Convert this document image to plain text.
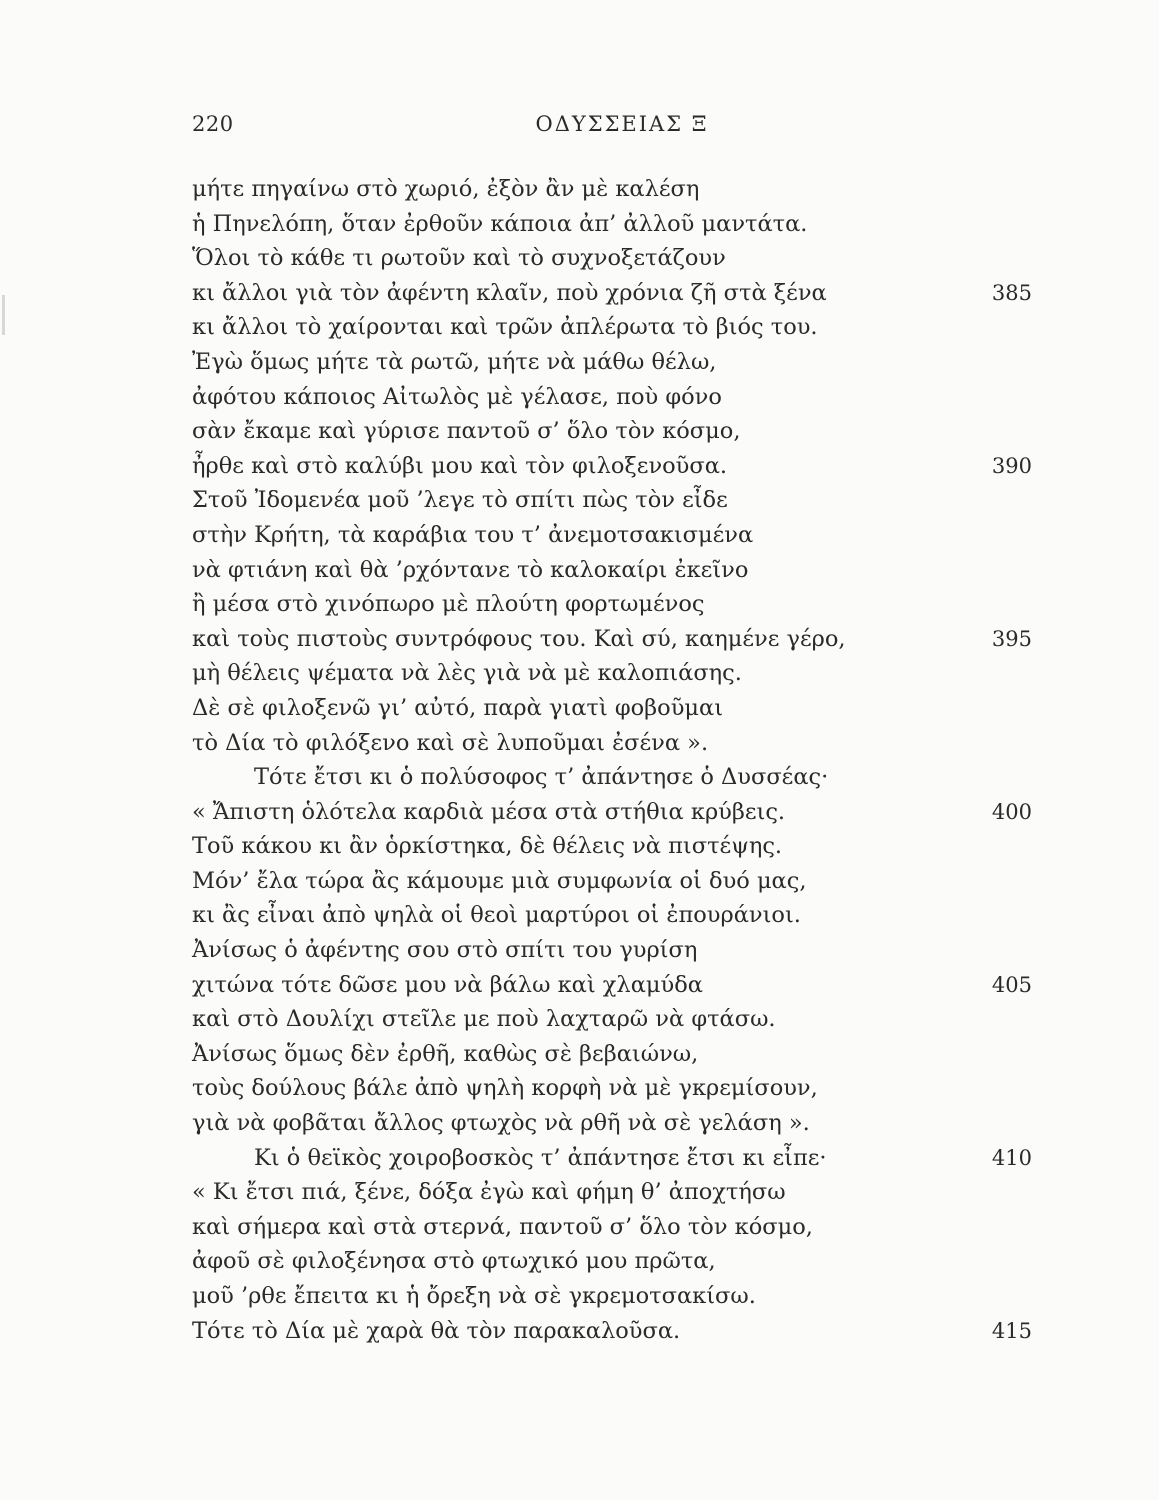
220	ΟΔΥΣΣΕΙΑΣ Ξ
μήτε πηγαίνω στὸ χωριό, ἐξὸν ἂν μὲ καλέση
ἡ Πηνελόπη, ὅταν ἐρθοῦν κάποια ἀπ’ ἀλλοῦ μαντάτα.
Ὅλοι τὸ κάθε τι ρωτοῦν καὶ τὸ συχνοξετάζουν
κι ἄλλοι γιὰ τὸν ἀφέντη κλαῖν, ποὺ χρόνια ζῆ στὰ ξένα	385
κι ἄλλοι τὸ χαίρονται καὶ τρῶν ἀπλέρωτα τὸ βιός του.
Ἐγὼ ὅμως μήτε τὰ ρωτῶ, μήτε νὰ μάθω θέλω,
ἀφότου κάποιος Αἰτωλὸς μὲ γέλασε, ποὺ φόνο
σὰν ἔκαμε καὶ γύρισε παντοῦ σ’ ὅλο τὸν κόσμο,
ἦρθε καὶ στὸ καλύβι μου καὶ τὸν φιλοξενοῦσα.	390
Στοῦ Ἰδομενέα μοῦ ’λεγε τὸ σπίτι πὼς τὸν εἶδε
στὴν Κρήτη, τὰ καράβια του τ’ ἀνεμοτσακισμένα
νὰ φτιάνη καὶ θὰ ’ρχόντανε τὸ καλοκαίρι ἐκεῖνο
ἢ μέσα στὸ χινόπωρο μὲ πλούτη φορτωμένος
καὶ τοὺς πιστοὺς συντρόφους του. Καὶ σύ, καημένε γέρο,	395
μὴ θέλεις ψέματα νὰ λὲς γιὰ νὰ μὲ καλοπιάσης.
Δὲ σὲ φιλοξενῶ γι’ αὐτό, παρὰ γιατὶ φοβοῦμαι
τὸ Δία τὸ φιλόξενο καὶ σὲ λυποῦμαι ἐσένα ».
Τότε ἔτσι κι ὁ πολύσοφος τ’ ἀπάντησε ὁ Δυσσέας·
« Ἄπιστη ὁλότελα καρδιὰ μέσα στὰ στήθια κρύβεις.	400
Τοῦ κάκου κι ἂν ὁρκίστηκα, δὲ θέλεις νὰ πιστέψης.
Μόν’ ἔλα τώρα ἂς κάμουμε μιὰ συμφωνία οἱ δυό μας,
κι ἂς εἶναι ἀπὸ ψηλὰ οἱ θεοὶ μαρτύροι οἱ ἐπουράνιοι.
Ἀνίσως ὁ ἀφέντης σου στὸ σπίτι του γυρίση
χιτώνα τότε δῶσε μου νὰ βάλω καὶ χλαμύδα	405
καὶ στὸ Δουλίχι στεῖλε με ποὺ λαχταρῶ νὰ φτάσω.
Ἀνίσως ὅμως δὲν ἐρθῆ, καθὼς σὲ βεβαιώνω,
τοὺς δούλους βάλε ἀπὸ ψηλὴ κορφὴ νὰ μὲ γκρεμίσουν,
γιὰ νὰ φοβᾶται ἄλλος φτωχὸς νὰ ρθῆ νὰ σὲ γελάση ».
Κι ὁ θεϊκὸς χοιροβοσκὸς τ’ ἀπάντησε ἔτσι κι εἶπε·	410
« Κι ἔτσι πιά, ξένε, δόξα ἐγὼ καὶ φήμη θ’ ἀποχτήσω
καὶ σήμερα καὶ στὰ στερνά, παντοῦ σ’ ὅλο τὸν κόσμο,
ἀφοῦ σὲ φιλοξένησα στὸ φτωχικό μου πρῶτα,
μοῦ ’ρθε ἔπειτα κι ἡ ὄρεξη νὰ σὲ γκρεμοτσακίσω.
Τότε τὸ Δία μὲ χαρὰ θὰ τὸν παρακαλοῦσα.	415
